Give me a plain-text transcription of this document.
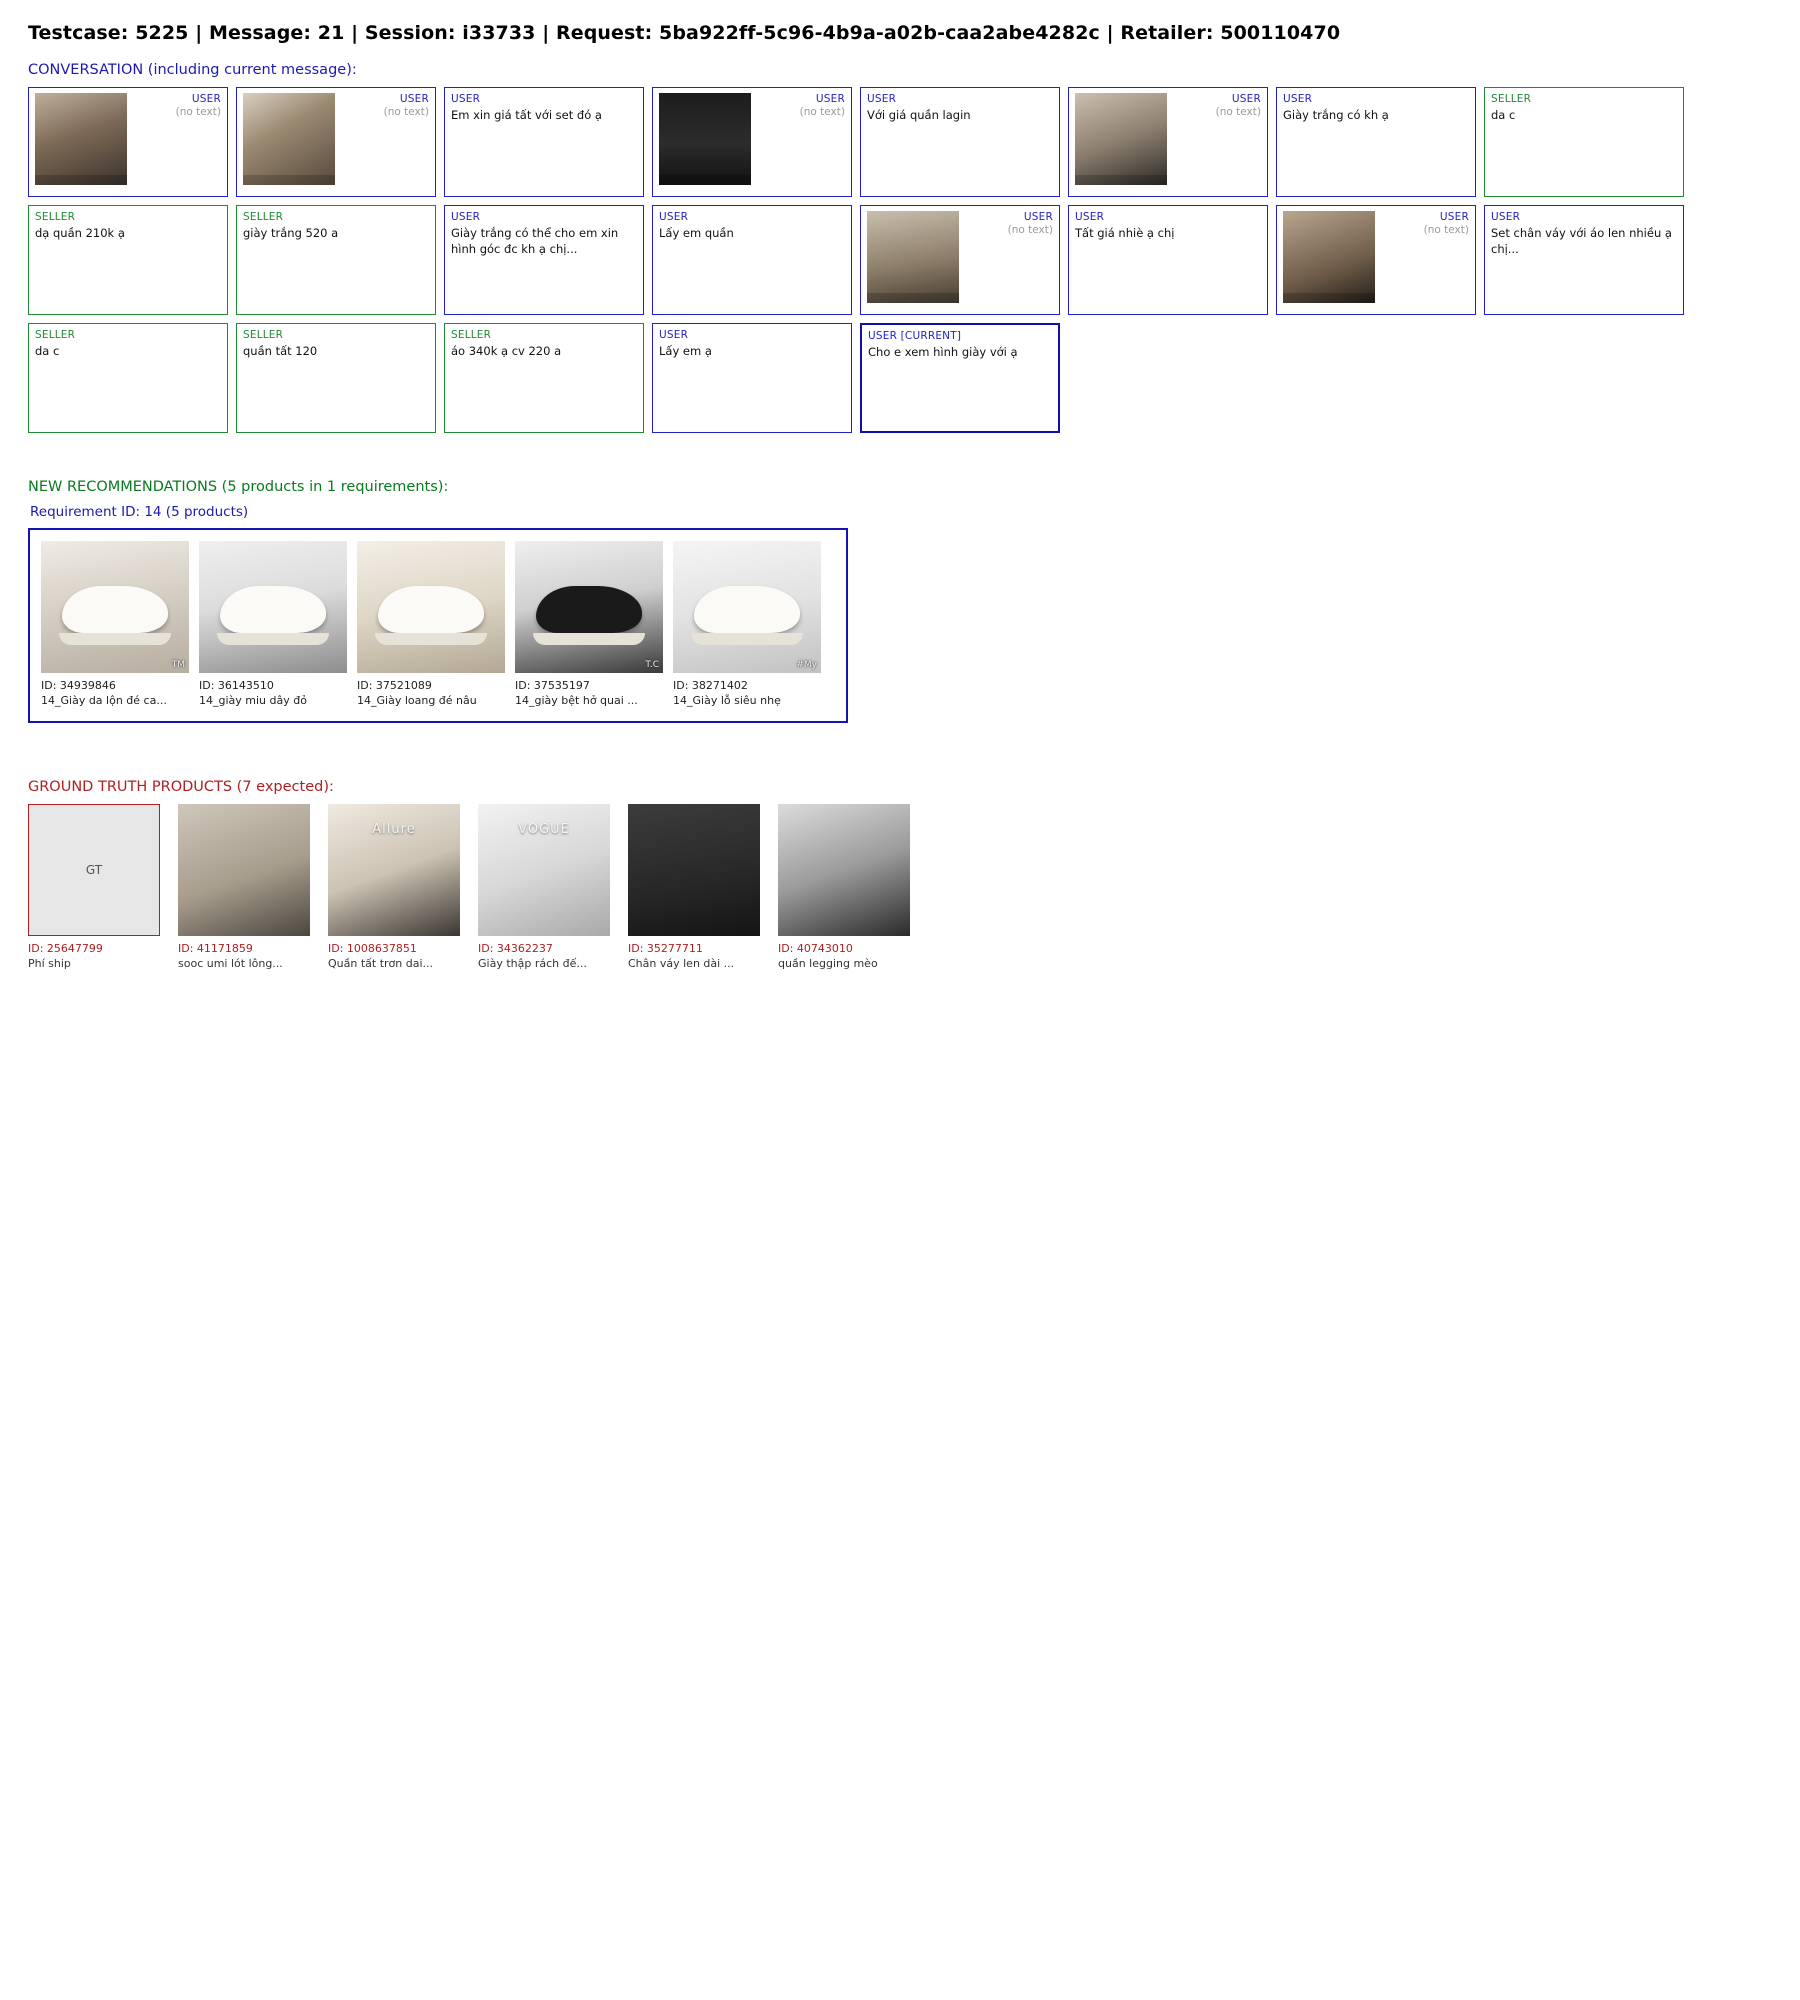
Testcase: 5225 | Message: 21 | Session: i33733 | Request: 5ba922ff-5c96-4b9a-a02b-caa2abe4282c | Retailer: 500110470
CONVERSATION (including current message):
USER
(no text)
USER
(no text)
USER
Em xin giá tất với set đó ạ
USER
(no text)
USER
Với giá quần lagin
USER
(no text)
USER
Giày trắng có kh ạ
SELLER
da c
SELLER
dạ quần 210k ạ
SELLER
giày trắng 520 a
USER
Giày trắng có thể cho em xin hình góc đc kh ạ chị...
USER
Lấy em quần
USER
(no text)
USER
Tất giá nhiè ạ chị
USER
(no text)
USER
Set chân váy với áo len nhiều ạ chị...
SELLER
da c
SELLER
quần tất 120
SELLER
áo 340k ạ cv 220 a
USER
Lấy em ạ
USER [CURRENT]
Cho e xem hình giày với ạ
NEW RECOMMENDATIONS (5 products in 1 requirements):
Requirement ID: 14 (5 products)
TM
ID: 34939846
14_Giày da lộn đé ca...
ID: 36143510
14_giày miu dây đỏ
ID: 37521089
14_Giày loang đé nâu
T.C
ID: 37535197
14_giày bệt hở quai ...
#My
ID: 38271402
14_Giày lỗ siêu nhẹ
GROUND TRUTH PRODUCTS (7 expected):
GT
ID: 25647799
Phí ship
ID: 41171859
sooc umi lót lông...
Allure
ID: 1008637851
Quần tất trơn dai...
VOGUE
ID: 34362237
Giày thập rách đế...
ID: 35277711
Chân váy len dài ...
ID: 40743010
quần legging mèo
